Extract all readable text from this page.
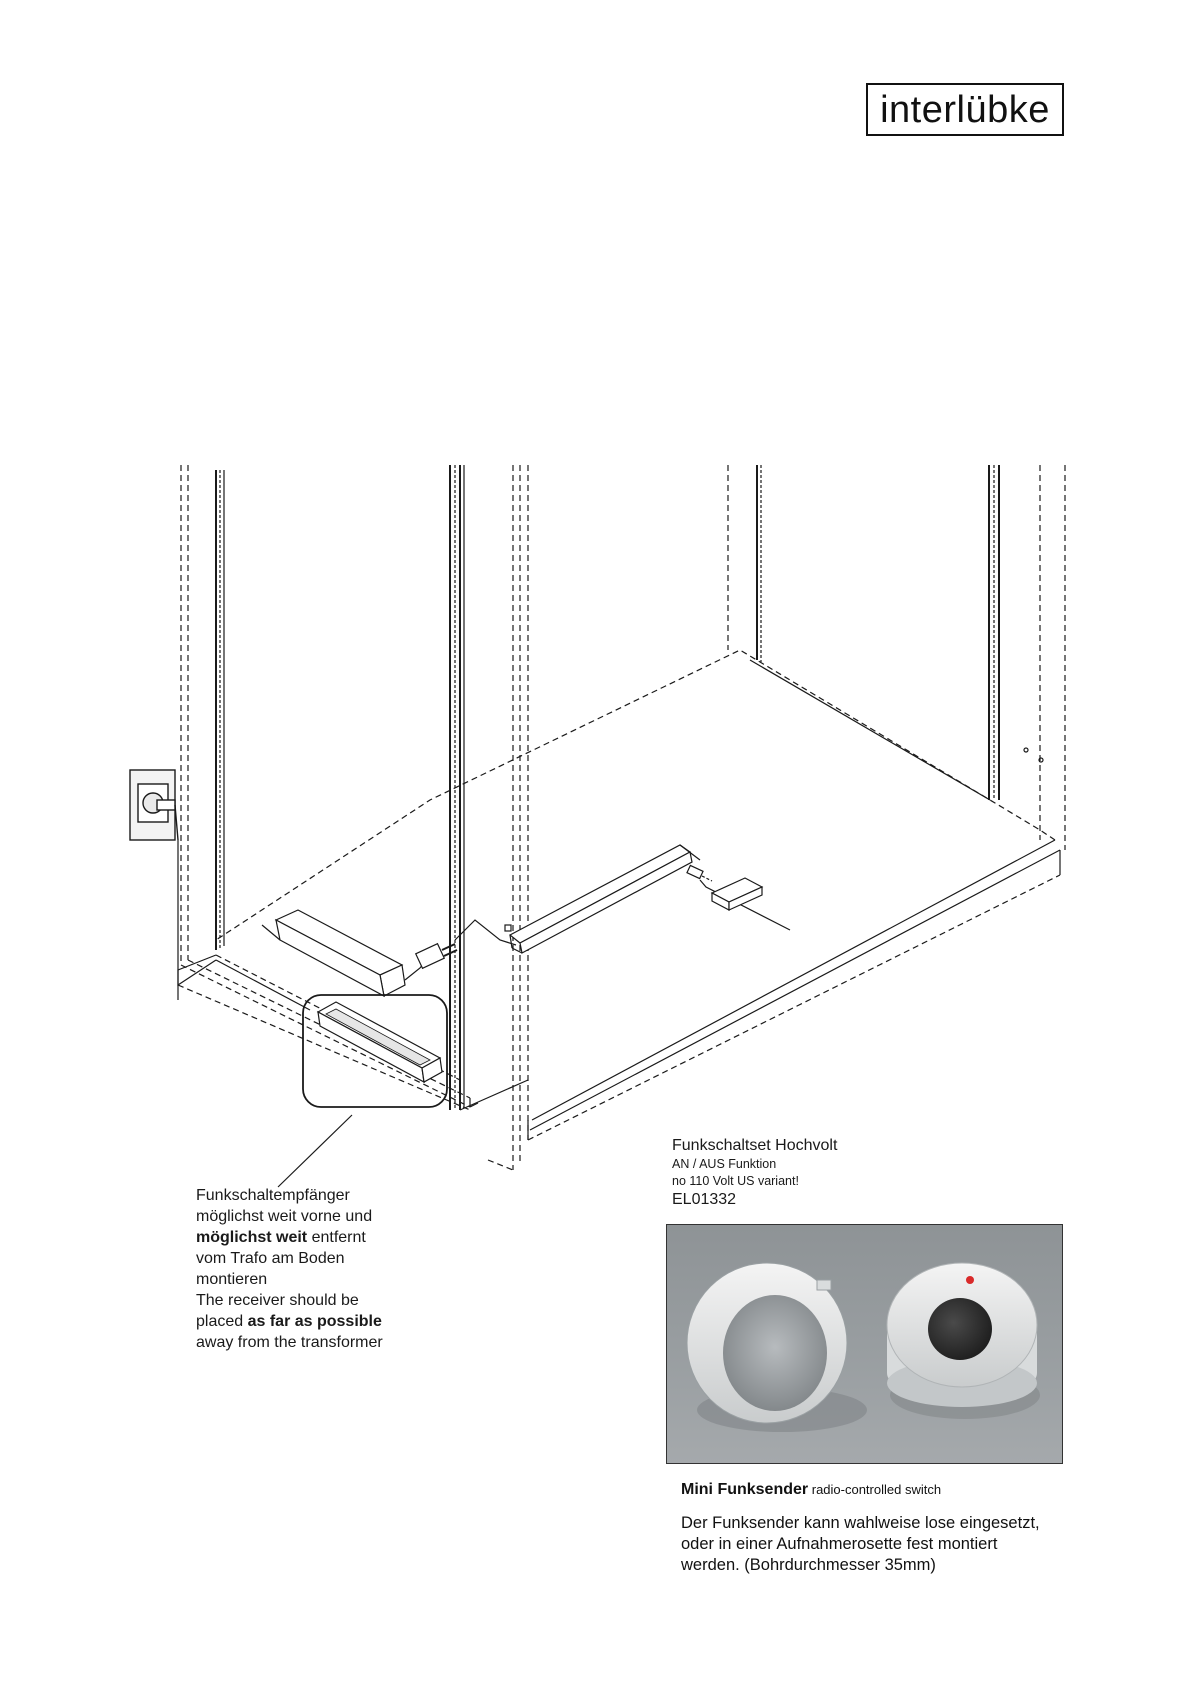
interlübke
Funkschaltempfänger
möglichst weit vorne und
möglichst weit entfernt
vom Trafo am Boden
montieren
The receiver should be
placed as far as possible
away from the transformer
Funkschaltset Hochvolt
AN / AUS Funktion
no 110 Volt US variant!
EL01332
Mini Funksender radio-controlled switch
Der Funksender kann wahlweise lose eingesetzt,
oder in einer Aufnahmerosette fest montiert
werden. (Bohrdurchmesser 35mm)
